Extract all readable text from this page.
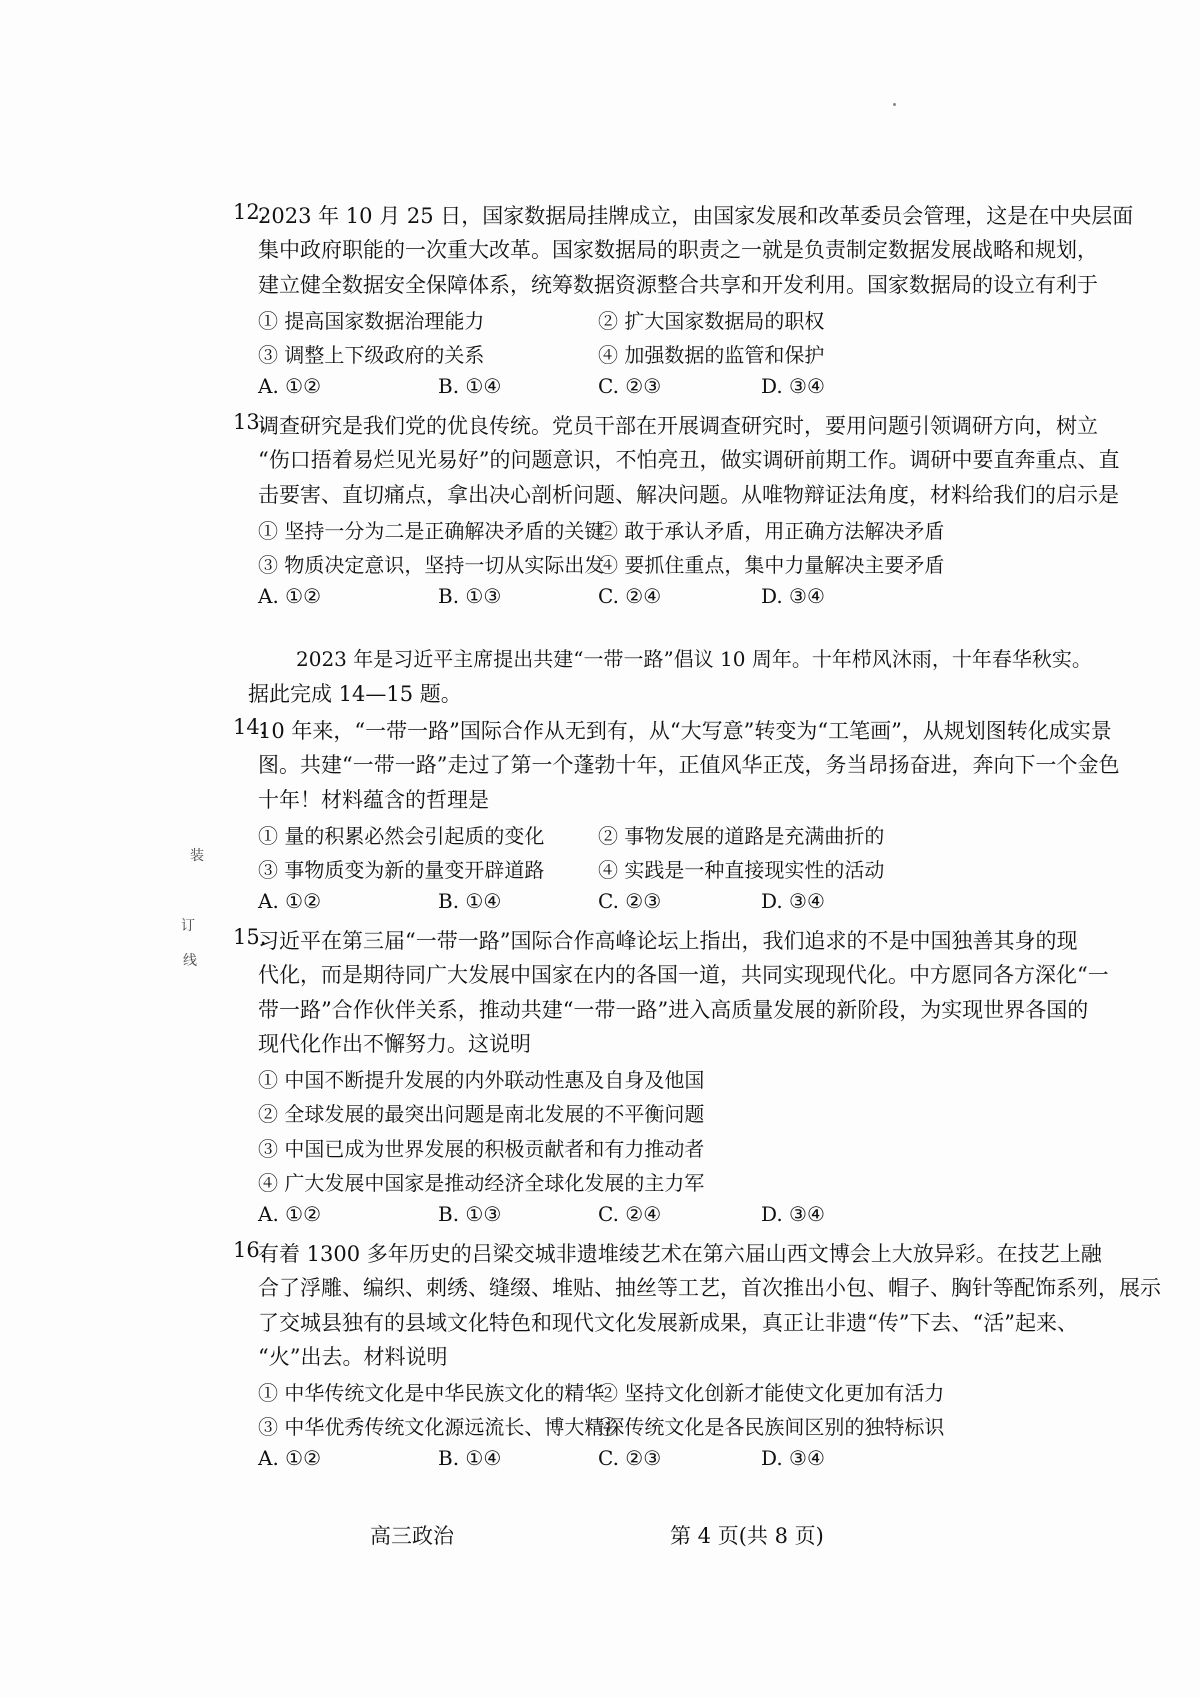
12.
2023 年 10 月 25 日，国家数据局挂牌成立，由国家发展和改革委员会管理，这是在中央层面
集中政府职能的一次重大改革。国家数据局的职责之一就是负责制定数据发展战略和规划，
建立健全数据安全保障体系，统筹数据资源整合共享和开发利用。国家数据局的设立有利于
① 提高国家数据治理能力	② 扩大国家数据局的职权
③ 调整上下级政府的关系	④ 加强数据的监管和保护
A. ①②	B. ①④	C. ②③	D. ③④
13.
调查研究是我们党的优良传统。党员干部在开展调查研究时，要用问题引领调研方向，树立
“伤口捂着易烂见光易好”的问题意识，不怕亮丑，做实调研前期工作。调研中要直奔重点、直
击要害、直切痛点，拿出决心剖析问题、解决问题。从唯物辩证法角度，材料给我们的启示是
① 坚持一分为二是正确解决矛盾的关键
② 敢于承认矛盾，用正确方法解决矛盾
③ 物质决定意识，坚持一切从实际出发
④ 要抓住重点，集中力量解决主要矛盾
A. ①②	B. ①③	C. ②④	D. ③④
2023 年是习近平主席提出共建“一带一路”倡议 10 周年。十年栉风沐雨，十年春华秋实。
据此完成 14—15 题。
14.
10 年来，“一带一路”国际合作从无到有，从“大写意”转变为“工笔画”，从规划图转化成实景
图。共建“一带一路”走过了第一个蓬勃十年，正值风华正茂，务当昂扬奋进，奔向下一个金色
十年！材料蕴含的哲理是
① 量的积累必然会引起质的变化	② 事物发展的道路是充满曲折的
③ 事物质变为新的量变开辟道路	④ 实践是一种直接现实性的活动
A. ①②	B. ①④	C. ②③	D. ③④
15.
习近平在第三届“一带一路”国际合作高峰论坛上指出，我们追求的不是中国独善其身的现
代化，而是期待同广大发展中国家在内的各国一道，共同实现现代化。中方愿同各方深化“一
带一路”合作伙伴关系，推动共建“一带一路”进入高质量发展的新阶段，为实现世界各国的
现代化作出不懈努力。这说明
① 中国不断提升发展的内外联动性惠及自身及他国
② 全球发展的最突出问题是南北发展的不平衡问题
③ 中国已成为世界发展的积极贡献者和有力推动者
④ 广大发展中国家是推动经济全球化发展的主力军
A. ①②	B. ①③	C. ②④	D. ③④
16.
有着 1300 多年历史的吕梁交城非遗堆绫艺术在第六届山西文博会上大放异彩。在技艺上融
合了浮雕、编织、刺绣、缝缀、堆贴、抽丝等工艺，首次推出小包、帽子、胸针等配饰系列，展示
了交城县独有的县域文化特色和现代文化发展新成果，真正让非遗“传”下去、“活”起来、
“火”出去。材料说明
① 中华传统文化是中华民族文化的精华
② 坚持文化创新才能使文化更加有活力
③ 中华优秀传统文化源远流长、博大精深
④ 传统文化是各民族间区别的独特标识
A. ①②	B. ①④	C. ②③	D. ③④
装
订
线
高三政治	第 4 页(共 8 页)
